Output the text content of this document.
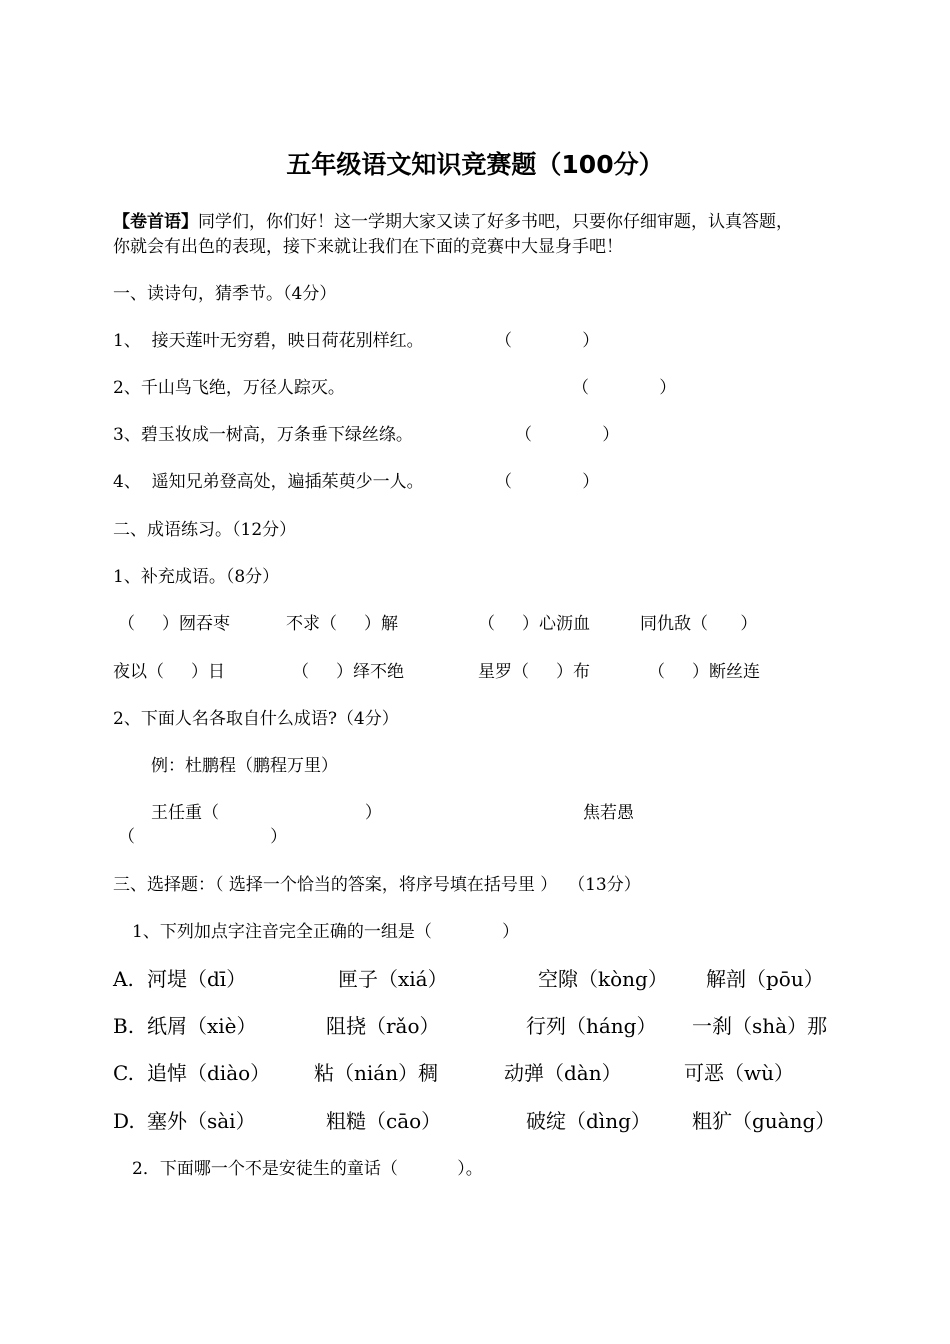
五年级语文知识竞赛题（100分）
【卷首语】同学们，你们好！这一学期大家又读了好多书吧，只要你仔细审题，认真答题，
你就会有出色的表现，接下来就让我们在下面的竞赛中大显身手吧！
一、读诗句，猜季节。（4分）
1、  接天莲叶无穷碧，映日荷花别样红。	（             ）
2、千山鸟飞绝，万径人踪灭。	（             ）
3、碧玉妆成一树高，万条垂下绿丝绦。	（             ）
4、  遥知兄弟登高处，遍插茱萸少一人。	（             ）
二、成语练习。（12分）
1、补充成语。（8分）
（     ）囫吞枣	不求（     ）解	（     ）心沥血	同仇敌（      ）
夜以（     ）日	（     ）绎不绝	星罗（     ）布	（     ）断丝连
2、下面人名各取自什么成语?（4分）
例：杜鹏程（鹏程万里）
王任重（                           ）	焦若愚
（                         ）
三、选择题：（ 选择一个恰当的答案，将序号填在括号里 ）  （13分）
1、下列加点字注音完全正确的一组是（             ）
A. 河堤（dī）	匣子（xiá）	空隙（kòng） 解剖（pōu）
B. 纸屑（xiè）	阻挠（rǎo）	行列（háng） 一刹（shà）那
C. 追悼（diào） 粘（nián）稠	动弹（dàn）	可恶（wù）
D. 塞外（sài）	粗糙（cāo）	破绽（dìng） 粗犷（guàng）
2．下面哪一个不是安徒生的童话（           ）。
